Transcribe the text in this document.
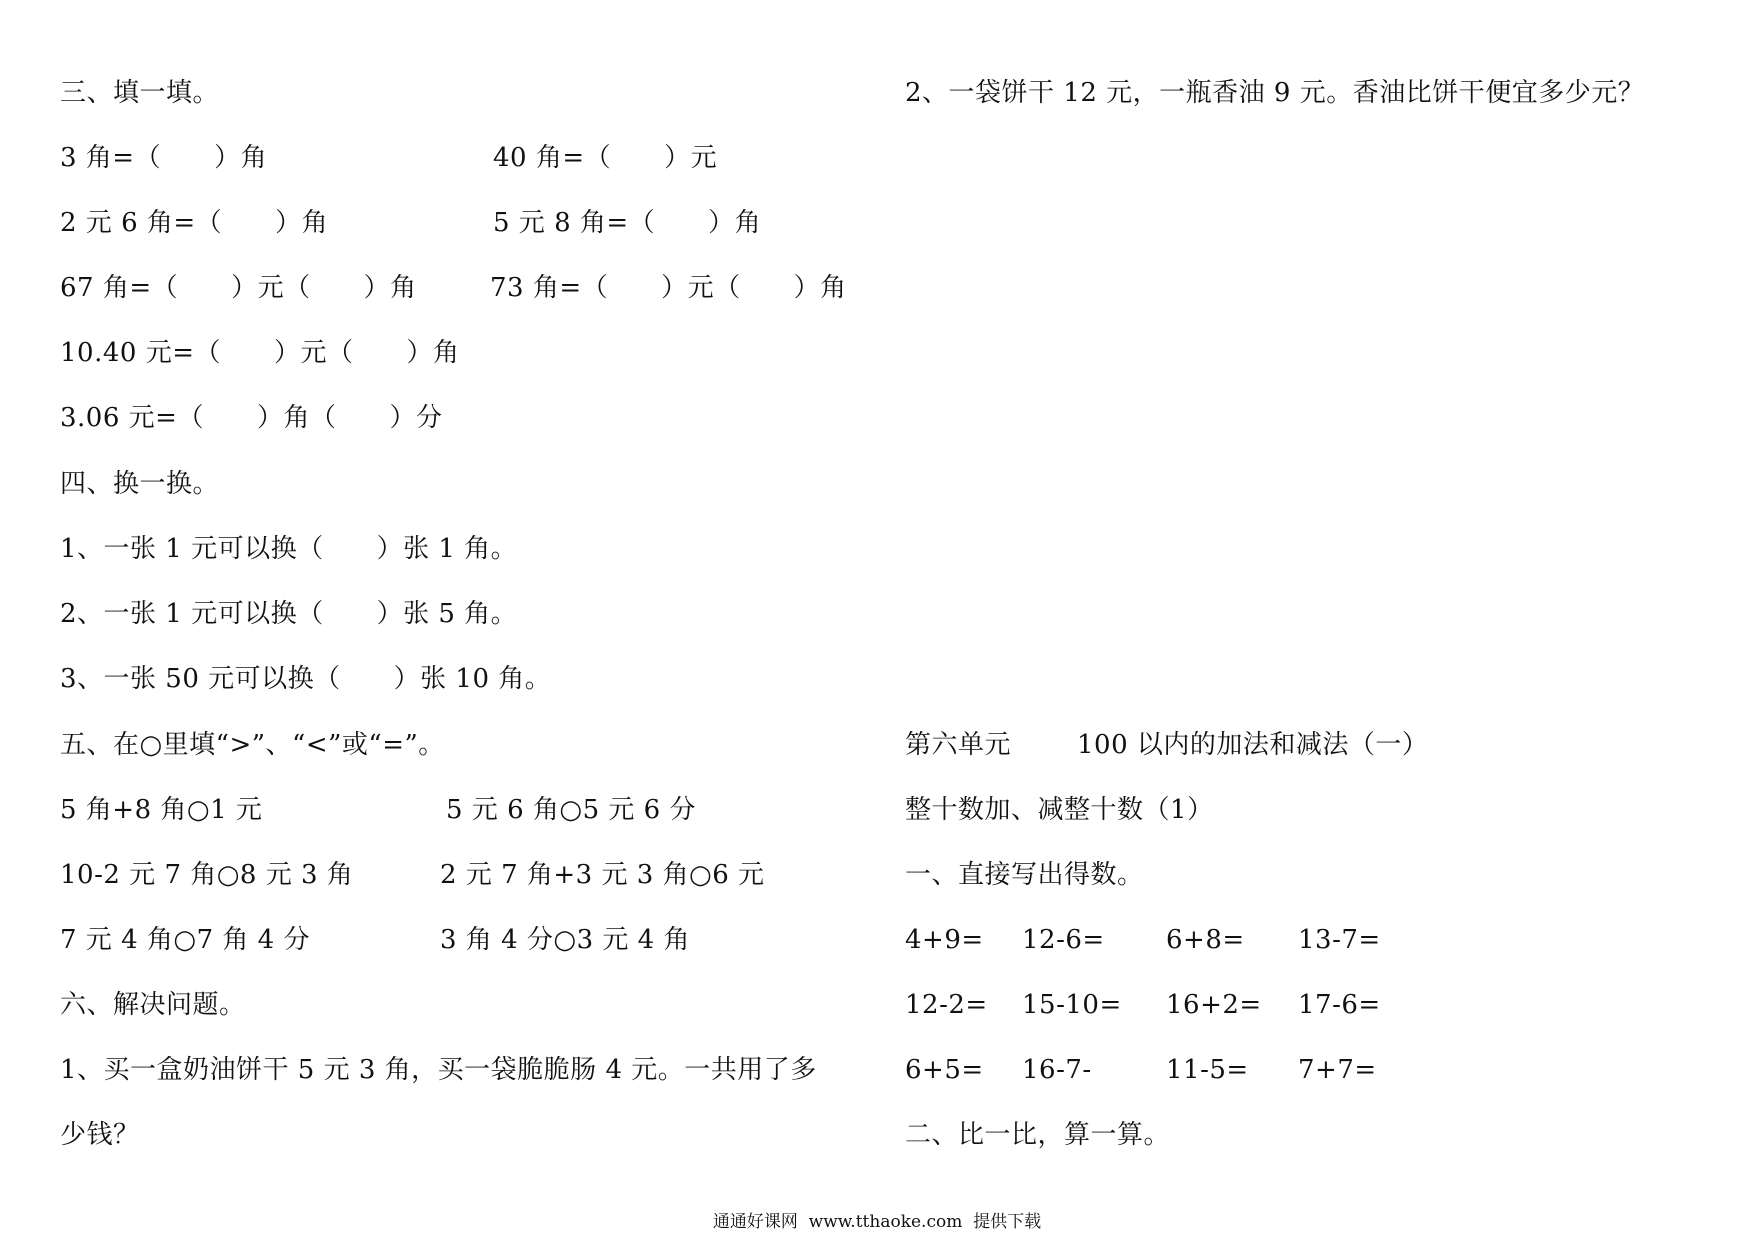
三、填一填。
3 角=（　　）角	40 角=（　　）元
2 元 6 角=（　　）角	5 元 8 角=（　　）角
67 角=（　　）元（　　）角	73 角=（　　）元（　　）角
10.40 元=（　　）元（　　）角
3.06 元=（　　）角（　　）分
四、换一换。
1、一张 1 元可以换（　　）张 1 角。
2、一张 1 元可以换（　　）张 5 角。
3、一张 50 元可以换（　　）张 10 角。
五、在○里填“>”、“<”或“=”。
5 角+8 角○1 元	5 元 6 角○5 元 6 分
10-2 元 7 角○8 元 3 角	2 元 7 角+3 元 3 角○6 元
7 元 4 角○7 角 4 分	3 角 4 分○3 元 4 角
六、解决问题。
1、买一盒奶油饼干 5 元 3 角，买一袋脆脆肠 4 元。一共用了多
少钱？
2、一袋饼干 12 元，一瓶香油 9 元。香油比饼干便宜多少元？
第六单元	100 以内的加法和减法（一）
整十数加、减整十数（1）
一、直接写出得数。
4+9= 12-6= 6+8= 13-7=
12-2= 15-10= 16+2= 17-6=
6+5= 16-7-	11-5= 7+7=
二、比一比，算一算。
通通好课网  www.tthaoke.com  提供下载
